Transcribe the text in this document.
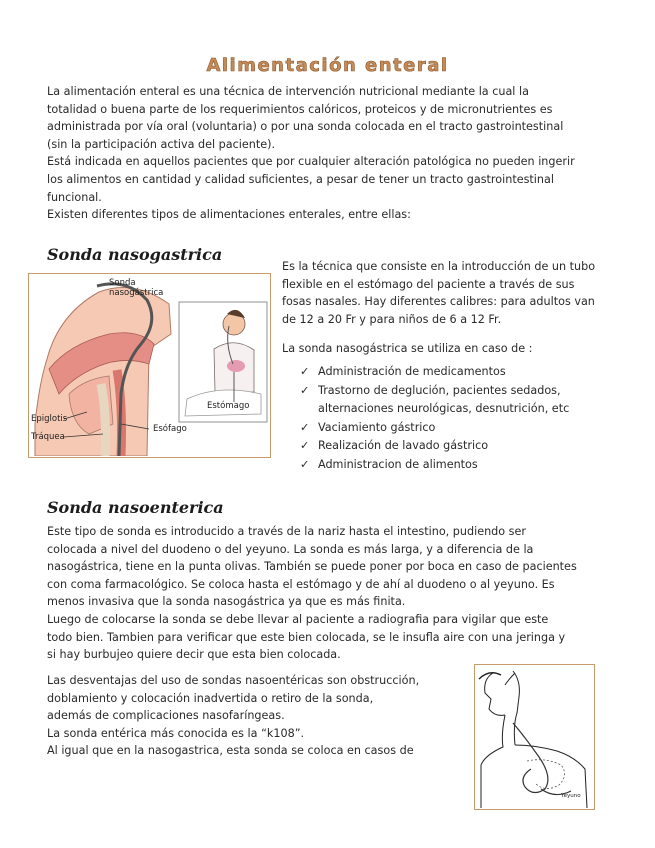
Alimentación enteral
La alimentación enteral es una técnica de intervención nutricional mediante la cual la
totalidad o buena parte de los requerimientos calóricos, proteicos y de micronutrientes es
administrada por vía oral (voluntaria) o por una sonda colocada en el tracto gastrointestinal
(sin la participación activa del paciente).
Está indicada en aquellos pacientes que por cualquier alteración patológica no pueden ingerir
los alimentos en cantidad y calidad suficientes, a pesar de tener un tracto gastrointestinal
funcional.
Existen diferentes tipos de alimentaciones enterales, entre ellas:
Sonda nasogastrica
Sonda
nasogástrica
Estómago
Epiglotis
Esófago
Tráquea
Es la técnica que consiste en la introducción de un tubo
flexible en el estómago del paciente a través de sus
fosas nasales. Hay diferentes calibres: para adultos van
de 12 a 20 Fr y para niños de 6 a 12 Fr.
La sonda nasogástrica se utiliza en caso de :
✓ Administración de medicamentos
✓ Trastorno de deglución, pacientes sedados,
alternaciones neurológicas, desnutrición, etc
✓ Vaciamiento gástrico
✓ Realización de lavado gástrico
✓ Administracion de alimentos
Sonda nasoenterica
Este tipo de sonda es introducido a través de la nariz hasta el intestino, pudiendo ser
colocada a nivel del duodeno o del yeyuno. La sonda es más larga, y a diferencia de la
nasogástrica, tiene en la punta olivas. También se puede poner por boca en caso de pacientes
con coma farmacológico. Se coloca hasta el estómago y de ahí al duodeno o al yeyuno. Es
menos invasiva que la sonda nasogástrica ya que es más finita.
Luego de colocarse la sonda se debe llevar al paciente a radiografia para vigilar que este
todo bien. Tambien para verificar que este bien colocada, se le insufla aire con una jeringa y
si hay burbujeo quiere decir que esta bien colocada.
Las desventajas del uso de sondas nasoentéricas son obstrucción,
doblamiento y colocación inadvertida o retiro de la sonda,
además de complicaciones nasofaríngeas.
La sonda entérica más conocida es la “k108”.
Al igual que en la nasogastrica, esta sonda se coloca en casos de
Yeyuno
